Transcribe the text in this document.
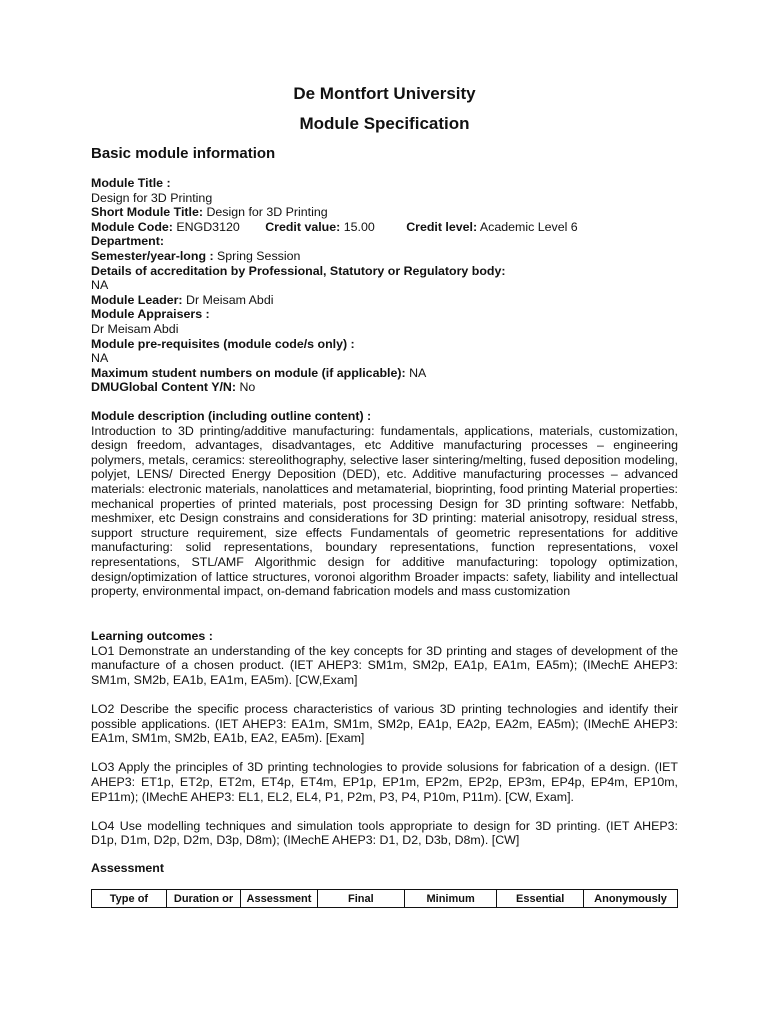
De Montfort University
Module Specification
Basic module information
Module Title :
Design for 3D Printing
Short Module Title: Design for 3D Printing
Module Code: ENGD3120 Credit value: 15.00	Credit level: Academic Level 6
Department:
Semester/year-long : Spring Session
Details of accreditation by Professional, Statutory or Regulatory body:
NA
Module Leader: Dr Meisam Abdi
Module Appraisers :
Dr Meisam Abdi
Module pre-requisites (module code/s only) :
NA
Maximum student numbers on module (if applicable): NA
DMUGlobal Content Y/N: No
Module description (including outline content) :
Introduction to 3D printing/additive manufacturing: fundamentals, applications, materials, customization, design freedom, advantages, disadvantages, etc Additive manufacturing processes – engineering polymers, metals, ceramics: stereolithography, selective laser sintering/melting, fused deposition modeling, polyjet, LENS/ Directed Energy Deposition (DED), etc. Additive manufacturing processes – advanced materials: electronic materials, nanolattices and metamaterial, bioprinting, food printing Material properties: mechanical properties of printed materials, post processing Design for 3D printing software: Netfabb, meshmixer, etc Design constrains and considerations for 3D printing: material anisotropy, residual stress, support structure requirement, size effects Fundamentals of geometric representations for additive manufacturing: solid representations, boundary representations, function representations, voxel representations, STL/AMF Algorithmic design for additive manufacturing: topology optimization, design/optimization of lattice structures, voronoi algorithm Broader impacts: safety, liability and intellectual property, environmental impact, on-demand fabrication models and mass customization
Learning outcomes :

LO1 Demonstrate an understanding of the key concepts for 3D printing and stages of development of the manufacture of a chosen product. (IET AHEP3: SM1m, SM2p, EA1p, EA1m, EA5m); (IMechE AHEP3: SM1m, SM2b, EA1b, EA1m, EA5m). [CW,Exam]

LO2 Describe the specific process characteristics of various 3D printing technologies and identify their possible applications. (IET AHEP3: EA1m, SM1m, SM2p, EA1p, EA2p, EA2m, EA5m); (IMechE AHEP3: EA1m, SM1m, SM2b, EA1b, EA2, EA5m). [Exam]

LO3 Apply the principles of 3D printing technologies to provide solusions for fabrication of a design. (IET AHEP3: ET1p, ET2p, ET2m, ET4p, ET4m, EP1p, EP1m, EP2m, EP2p, EP3m, EP4p, EP4m, EP10m, EP11m); (IMechE AHEP3: EL1, EL2, EL4, P1, P2m, P3, P4, P10m, P11m). [CW, Exam].

LO4 Use modelling techniques and simulation tools appropriate to design for 3D printing. (IET AHEP3: D1p, D1m, D2p, D2m, D3p, D8m); (IMechE AHEP3: D1, D2, D3b, D8m). [CW]

Assessment
Type of	Duration or	Assessment	Final	Minimum	Essential	Anonymously
